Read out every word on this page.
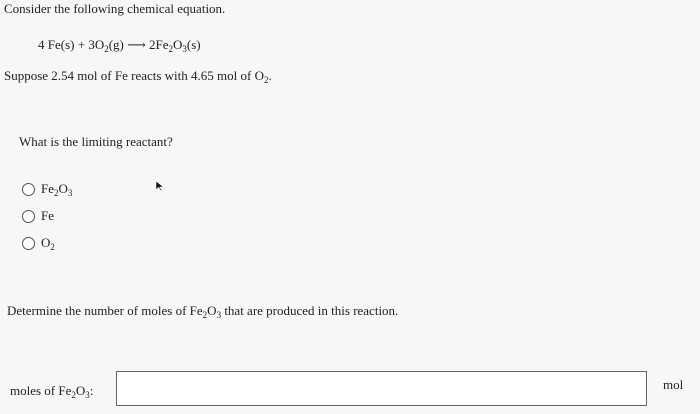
Consider the following chemical equation.
4 $Fe(s) + 3O_2(g)$ ⟶ $2Fe_2O_3(s)$
Suppose 2.54 mol of Fe reacts with 4.65 mol of $O_2$.
What is the limiting reactant?
$Fe_2O_3$
Fe
$O_2$
Determine the number of moles of $Fe_2O_3$ that are produced in this reaction.
moles of $Fe_2O_3$:	mol
